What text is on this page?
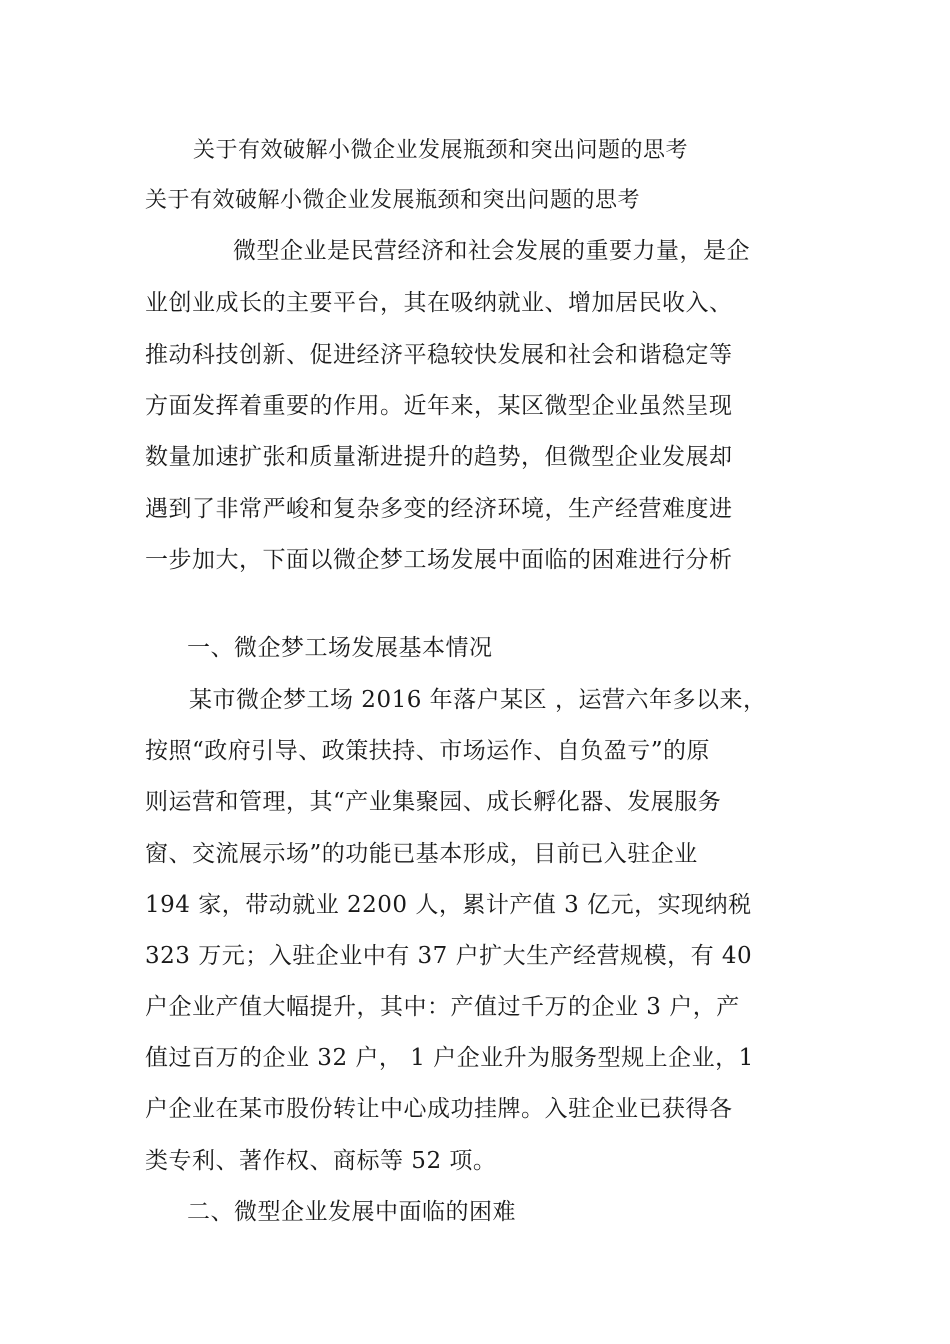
关于有效破解小微企业发展瓶颈和突出问题的思考
关于有效破解小微企业发展瓶颈和突出问题的思考
微型企业是民营经济和社会发展的重要力量，是企
业创业成长的主要平台，其在吸纳就业、增加居民收入、
推动科技创新、促进经济平稳较快发展和社会和谐稳定等
方面发挥着重要的作用。近年来，某区微型企业虽然呈现
数量加速扩张和质量渐进提升的趋势，但微型企业发展却
遇到了非常严峻和复杂多变的经济环境，生产经营难度进
一步加大，下面以微企梦工场发展中面临的困难进行分析
一、微企梦工场发展基本情况
某市微企梦工场 2016 年落户某区 ，运营六年多以来，
按照“政府引导、政策扶持、市场运作、自负盈亏”的原
则运营和管理，其“产业集聚园、成长孵化器、发展服务
窗、交流展示场”的功能已基本形成，目前已入驻企业
194 家，带动就业 2200 人，累计产值 3 亿元，实现纳税
323 万元；入驻企业中有 37 户扩大生产经营规模，有 40
户企业产值大幅提升，其中：产值过千万的企业 3 户，产
值过百万的企业 32 户， 1 户企业升为服务型规上企业，1
户企业在某市股份转让中心成功挂牌。入驻企业已获得各
类专利、著作权、商标等 52 项。
二、微型企业发展中面临的困难
